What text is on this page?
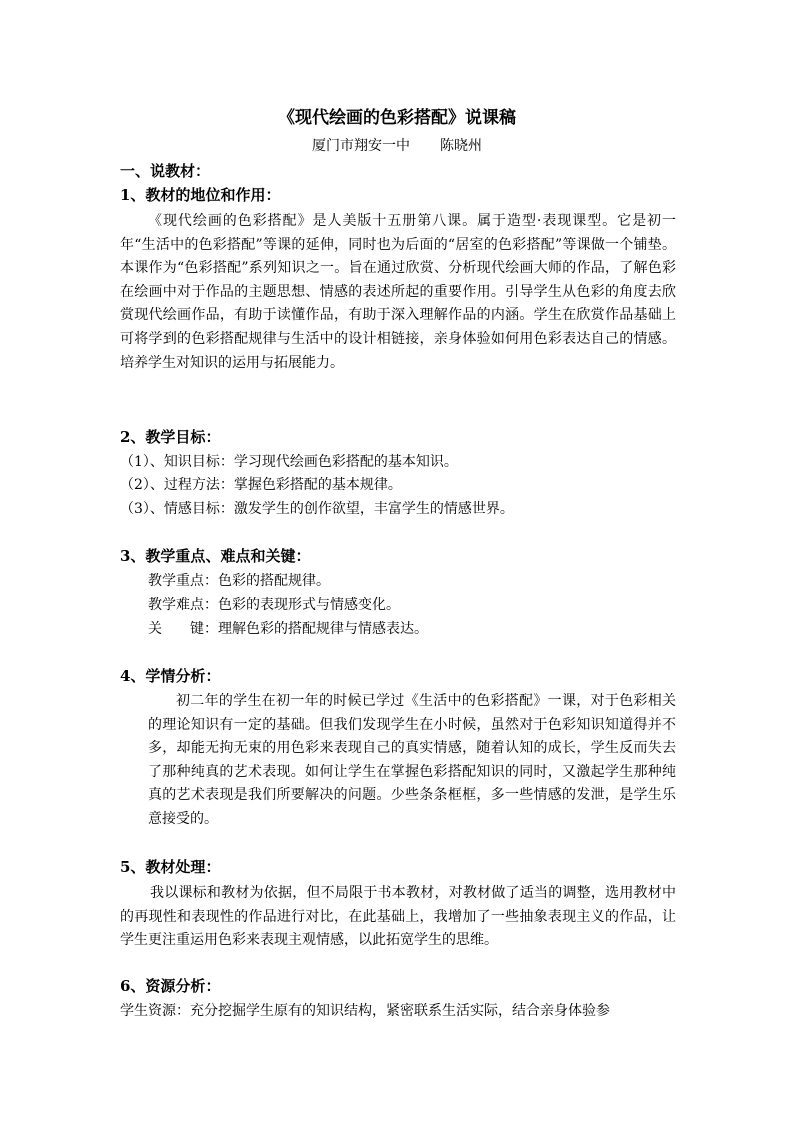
《现代绘画的色彩搭配》说课稿
厦门市翔安一中 陈晓州
一、说教材：
1、教材的地位和作用：

《现代绘画的色彩搭配》是人美版十五册第八课。属于造型·表现课型。它是初一年“生活中的色彩搭配”等课的延伸，同时也为后面的“居室的色彩搭配”等课做一个铺垫。本课作为“色彩搭配”系列知识之一。旨在通过欣赏、分析现代绘画大师的作品，了解色彩在绘画中对于作品的主题思想、情感的表述所起的重要作用。引导学生从色彩的角度去欣赏现代绘画作品，有助于读懂作品，有助于深入理解作品的内涵。学生在欣赏作品基础上可将学到的色彩搭配规律与生活中的设计相链接，亲身体验如何用色彩表达自己的情感。培养学生对知识的运用与拓展能力。

2、教学目标：
（1）、知识目标：学习现代绘画色彩搭配的基本知识。
（2）、过程方法：掌握色彩搭配的基本规律。
（3）、情感目标：激发学生的创作欲望，丰富学生的情感世界。
3、教学重点、难点和关键：
教学重点：色彩的搭配规律。
教学难点：色彩的表现形式与情感变化。
关　　键：理解色彩的搭配规律与情感表达。
4、学情分析：

初二年的学生在初一年的时候已学过《生活中的色彩搭配》一课，对于色彩相关的理论知识有一定的基础。但我们发现学生在小时候，虽然对于色彩知识知道得并不多，却能无拘无束的用色彩来表现自己的真实情感，随着认知的成长，学生反而失去了那种纯真的艺术表现。如何让学生在掌握色彩搭配知识的同时，又激起学生那种纯真的艺术表现是我们所要解决的问题。少些条条框框，多一些情感的发泄，是学生乐意接受的。

5、教材处理：

我以课标和教材为依据，但不局限于书本教材，对教材做了适当的调整，选用教材中的再现性和表现性的作品进行对比，在此基础上，我增加了一些抽象表现主义的作品，让学生更注重运用色彩来表现主观情感，以此拓宽学生的思维。

6、资源分析：

学生资源：充分挖掘学生原有的知识结构，紧密联系生活实际，结合亲身体验参
